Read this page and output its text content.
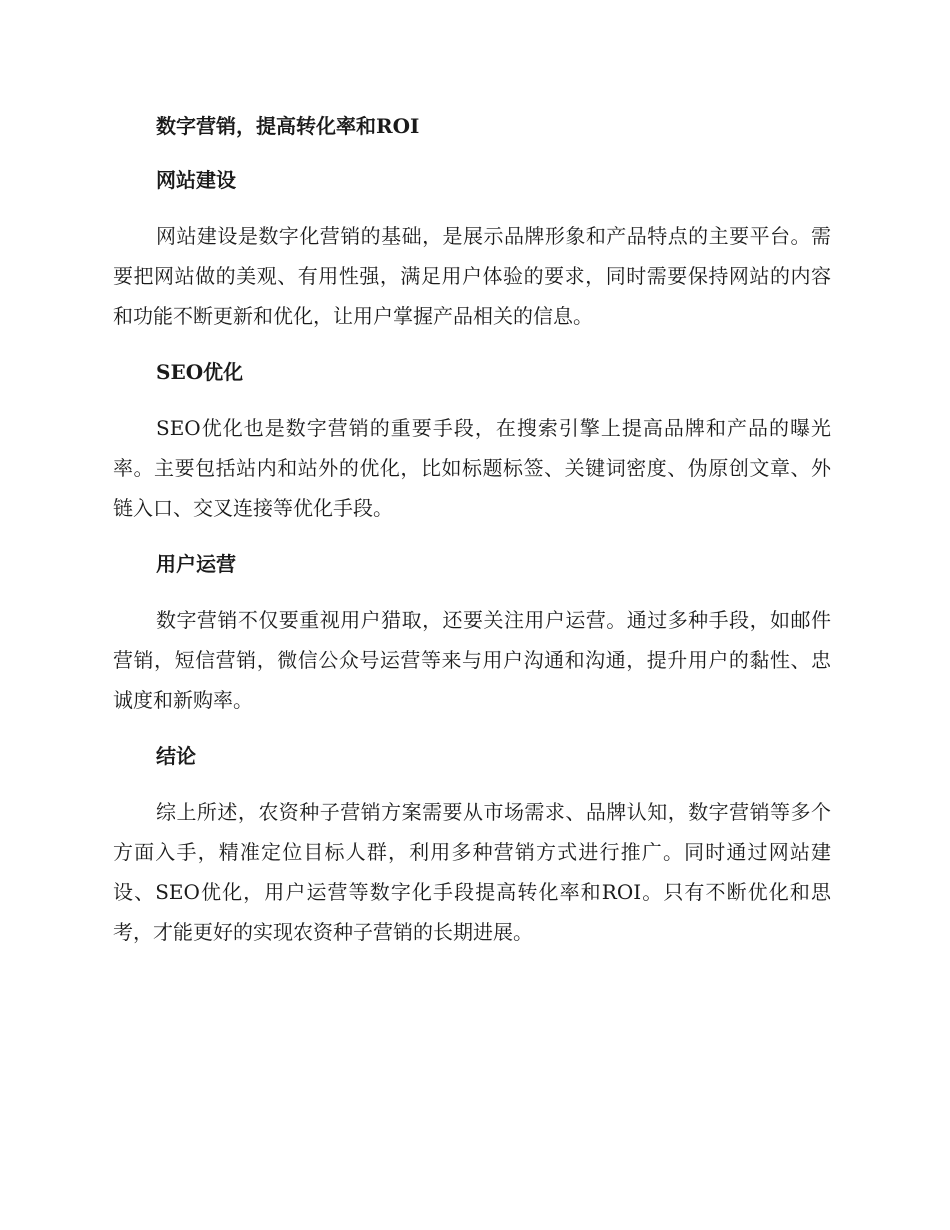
数字营销，提高转化率和ROI
网站建设

网站建设是数字化营销的基础，是展示品牌形象和产品特点的主要平台。需要把网站做的美观、有用性强，满足用户体验的要求，同时需要保持网站的内容和功能不断更新和优化，让用户掌握产品相关的信息。

SEO优化

SEO优化也是数字营销的重要手段，在搜索引擎上提高品牌和产品的曝光率。主要包括站内和站外的优化，比如标题标签、关键词密度、伪原创文章、外链入口、交叉连接等优化手段。

用户运营

数字营销不仅要重视用户猎取，还要关注用户运营。通过多种手段，如邮件营销，短信营销，微信公众号运营等来与用户沟通和沟通，提升用户的黏性、忠诚度和新购率。

结论

综上所述，农资种子营销方案需要从市场需求、品牌认知，数字营销等多个方面入手，精准定位目标人群，利用多种营销方式进行推广。同时通过网站建设、SEO优化，用户运营等数字化手段提高转化率和ROI。只有不断优化和思考，才能更好的实现农资种子营销的长期进展。
